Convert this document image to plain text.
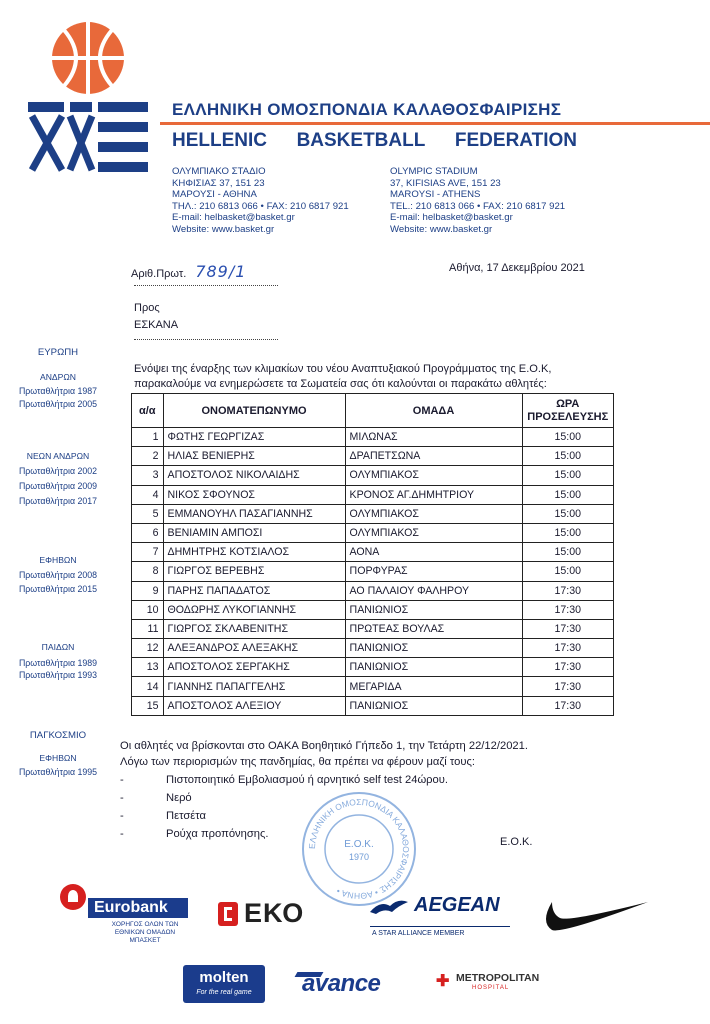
ΕΛΛΗΝΙΚΗ ΟΜΟΣΠΟΝΔΙΑ ΚΑΛΑΘΟΣΦΑΙΡΙΣΗΣ
HELLENIC BASKETBALL FEDERATION
ΟΛΥΜΠΙΑΚΟ ΣΤΑΔΙΟ
ΚΗΦΙΣΙΑΣ 37, 151 23
ΜΑΡΟΥΣΙ - ΑΘΗΝΑ
ΤΗΛ.: 210 6813 066 • FAX: 210 6817 921
E-mail: helbasket@basket.gr
Website: www.basket.gr
OLYMPIC STADIUM
37, KIFISIAS AVE, 151 23
MAROYSI - ATHENS
TEL.: 210 6813 066 • FAX: 210 6817 921
E-mail: helbasket@basket.gr
Website: www.basket.gr
ΕΥΡΩΠΗ
ΑΝΔΡΩΝ
Πρωταθλήτρια 1987
Πρωταθλήτρια 2005
ΝΕΩΝ ΑΝΔΡΩΝ
Πρωταθλήτρια 2002
Πρωταθλήτρια 2009
Πρωταθλήτρια 2017
ΕΦΗΒΩΝ
Πρωταθλήτρια 2008
Πρωταθλήτρια 2015
ΠΑΙΔΩΝ
Πρωταθλήτρια 1989
Πρωταθλήτρια 1993
ΠΑΓΚΟΣΜΙΟ
ΕΦΗΒΩΝ
Πρωταθλήτρια 1995
Αριθ.Πρωτ. 789/1	Αθήνα, 17 Δεκεμβρίου 2021
Προς
ΕΣΚΑΝΑ
Ενόψει της έναρξης των κλιμακίων του νέου Αναπτυξιακού Προγράμματος της Ε.Ο.Κ,
παρακαλούμε να ενημερώσετε τα Σωματεία σας ότι καλούνται οι παρακάτω αθλητές:
α/α	ΟΝΟΜΑΤΕΠΩΝΥΜΟ	ΟΜΑΔΑ	ΩΡΑ ΠΡΟΣΕΛΕΥΣΗΣ
1	ΦΩΤΗΣ ΓΕΩΡΓΙΖΑΣ	ΜΙΛΩΝΑΣ	15:00
2	ΗΛΙΑΣ ΒΕΝΙΕΡΗΣ	ΔΡΑΠΕΤΣΩΝΑ	15:00
3	ΑΠΟΣΤΟΛΟΣ ΝΙΚΟΛΑΙΔΗΣ	ΟΛΥΜΠΙΑΚΟΣ	15:00
4	ΝΙΚΟΣ ΣΦΟΥΝΟΣ	ΚΡΟΝΟΣ ΑΓ.ΔΗΜΗΤΡΙΟΥ	15:00
5	ΕΜΜΑΝΟΥΗΛ ΠΑΣΑΓΙΑΝΝΗΣ	ΟΛΥΜΠΙΑΚΟΣ	15:00
6	ΒΕΝΙΑΜΙΝ ΑΜΠΟΣΙ	ΟΛΥΜΠΙΑΚΟΣ	15:00
7	ΔΗΜΗΤΡΗΣ ΚΟΤΣΙΑΛΟΣ	ΑΟΝΑ	15:00
8	ΓΙΩΡΓΟΣ ΒΕΡΕΒΗΣ	ΠΟΡΦΥΡΑΣ	15:00
9	ΠΑΡΗΣ ΠΑΠΑΔΑΤΟΣ	ΑΟ ΠΑΛΑΙΟΥ ΦΑΛΗΡΟΥ	17:30
10	ΘΟΔΩΡΗΣ ΛΥΚΟΓΙΑΝΝΗΣ	ΠΑΝΙΩΝΙΟΣ	17:30
11	ΓΙΩΡΓΟΣ ΣΚΛΑΒΕΝΙΤΗΣ	ΠΡΩΤΕΑΣ ΒΟΥΛΑΣ	17:30
12	ΑΛΕΞΑΝΔΡΟΣ ΑΛΕΞΑΚΗΣ	ΠΑΝΙΩΝΙΟΣ	17:30
13	ΑΠΟΣΤΟΛΟΣ ΣΕΡΓΑΚΗΣ	ΠΑΝΙΩΝΙΟΣ	17:30
14	ΓΙΑΝΝΗΣ ΠΑΠΑΓΓΕΛΗΣ	ΜΕΓΑΡΙΔΑ	17:30
15	ΑΠΟΣΤΟΛΟΣ ΑΛΕΞΙΟΥ	ΠΑΝΙΩΝΙΟΣ	17:30
Οι αθλητές να βρίσκονται στο ΟΑΚΑ Βοηθητικό Γήπεδο 1, την Τετάρτη 22/12/2021.
Λόγω των περιορισμών της πανδημίας, θα πρέπει να φέρουν μαζί τους:
-	Πιστοποιητικό Εμβολιασμού ή αρνητικό self test 24ώρου.
-	Νερό
-	Πετσέτα
-	Ρούχα προπόνησης.
Ε.Ο.Κ.
ΕΛΛΗΝΙΚΗ ΟΜΟΣΠΟΝΔΙΑ ΚΑΛΑΘΟΣΦΑΙΡΙΣΗΣ • ΑΘΗΝΑ •
Ε.Ο.Κ.
1970
Eurobank
ΧΟΡΗΓΟΣ ΟΛΩΝ ΤΩΝ
ΕΘΝΙΚΩΝ ΟΜΑΔΩΝ ΜΠΑΣΚΕΤ
ΕΚΟ	AEGEAN
A STAR ALLIANCE MEMBER
molten
For the real game	avance	✚ METROPOLITAN
HOSPITAL
